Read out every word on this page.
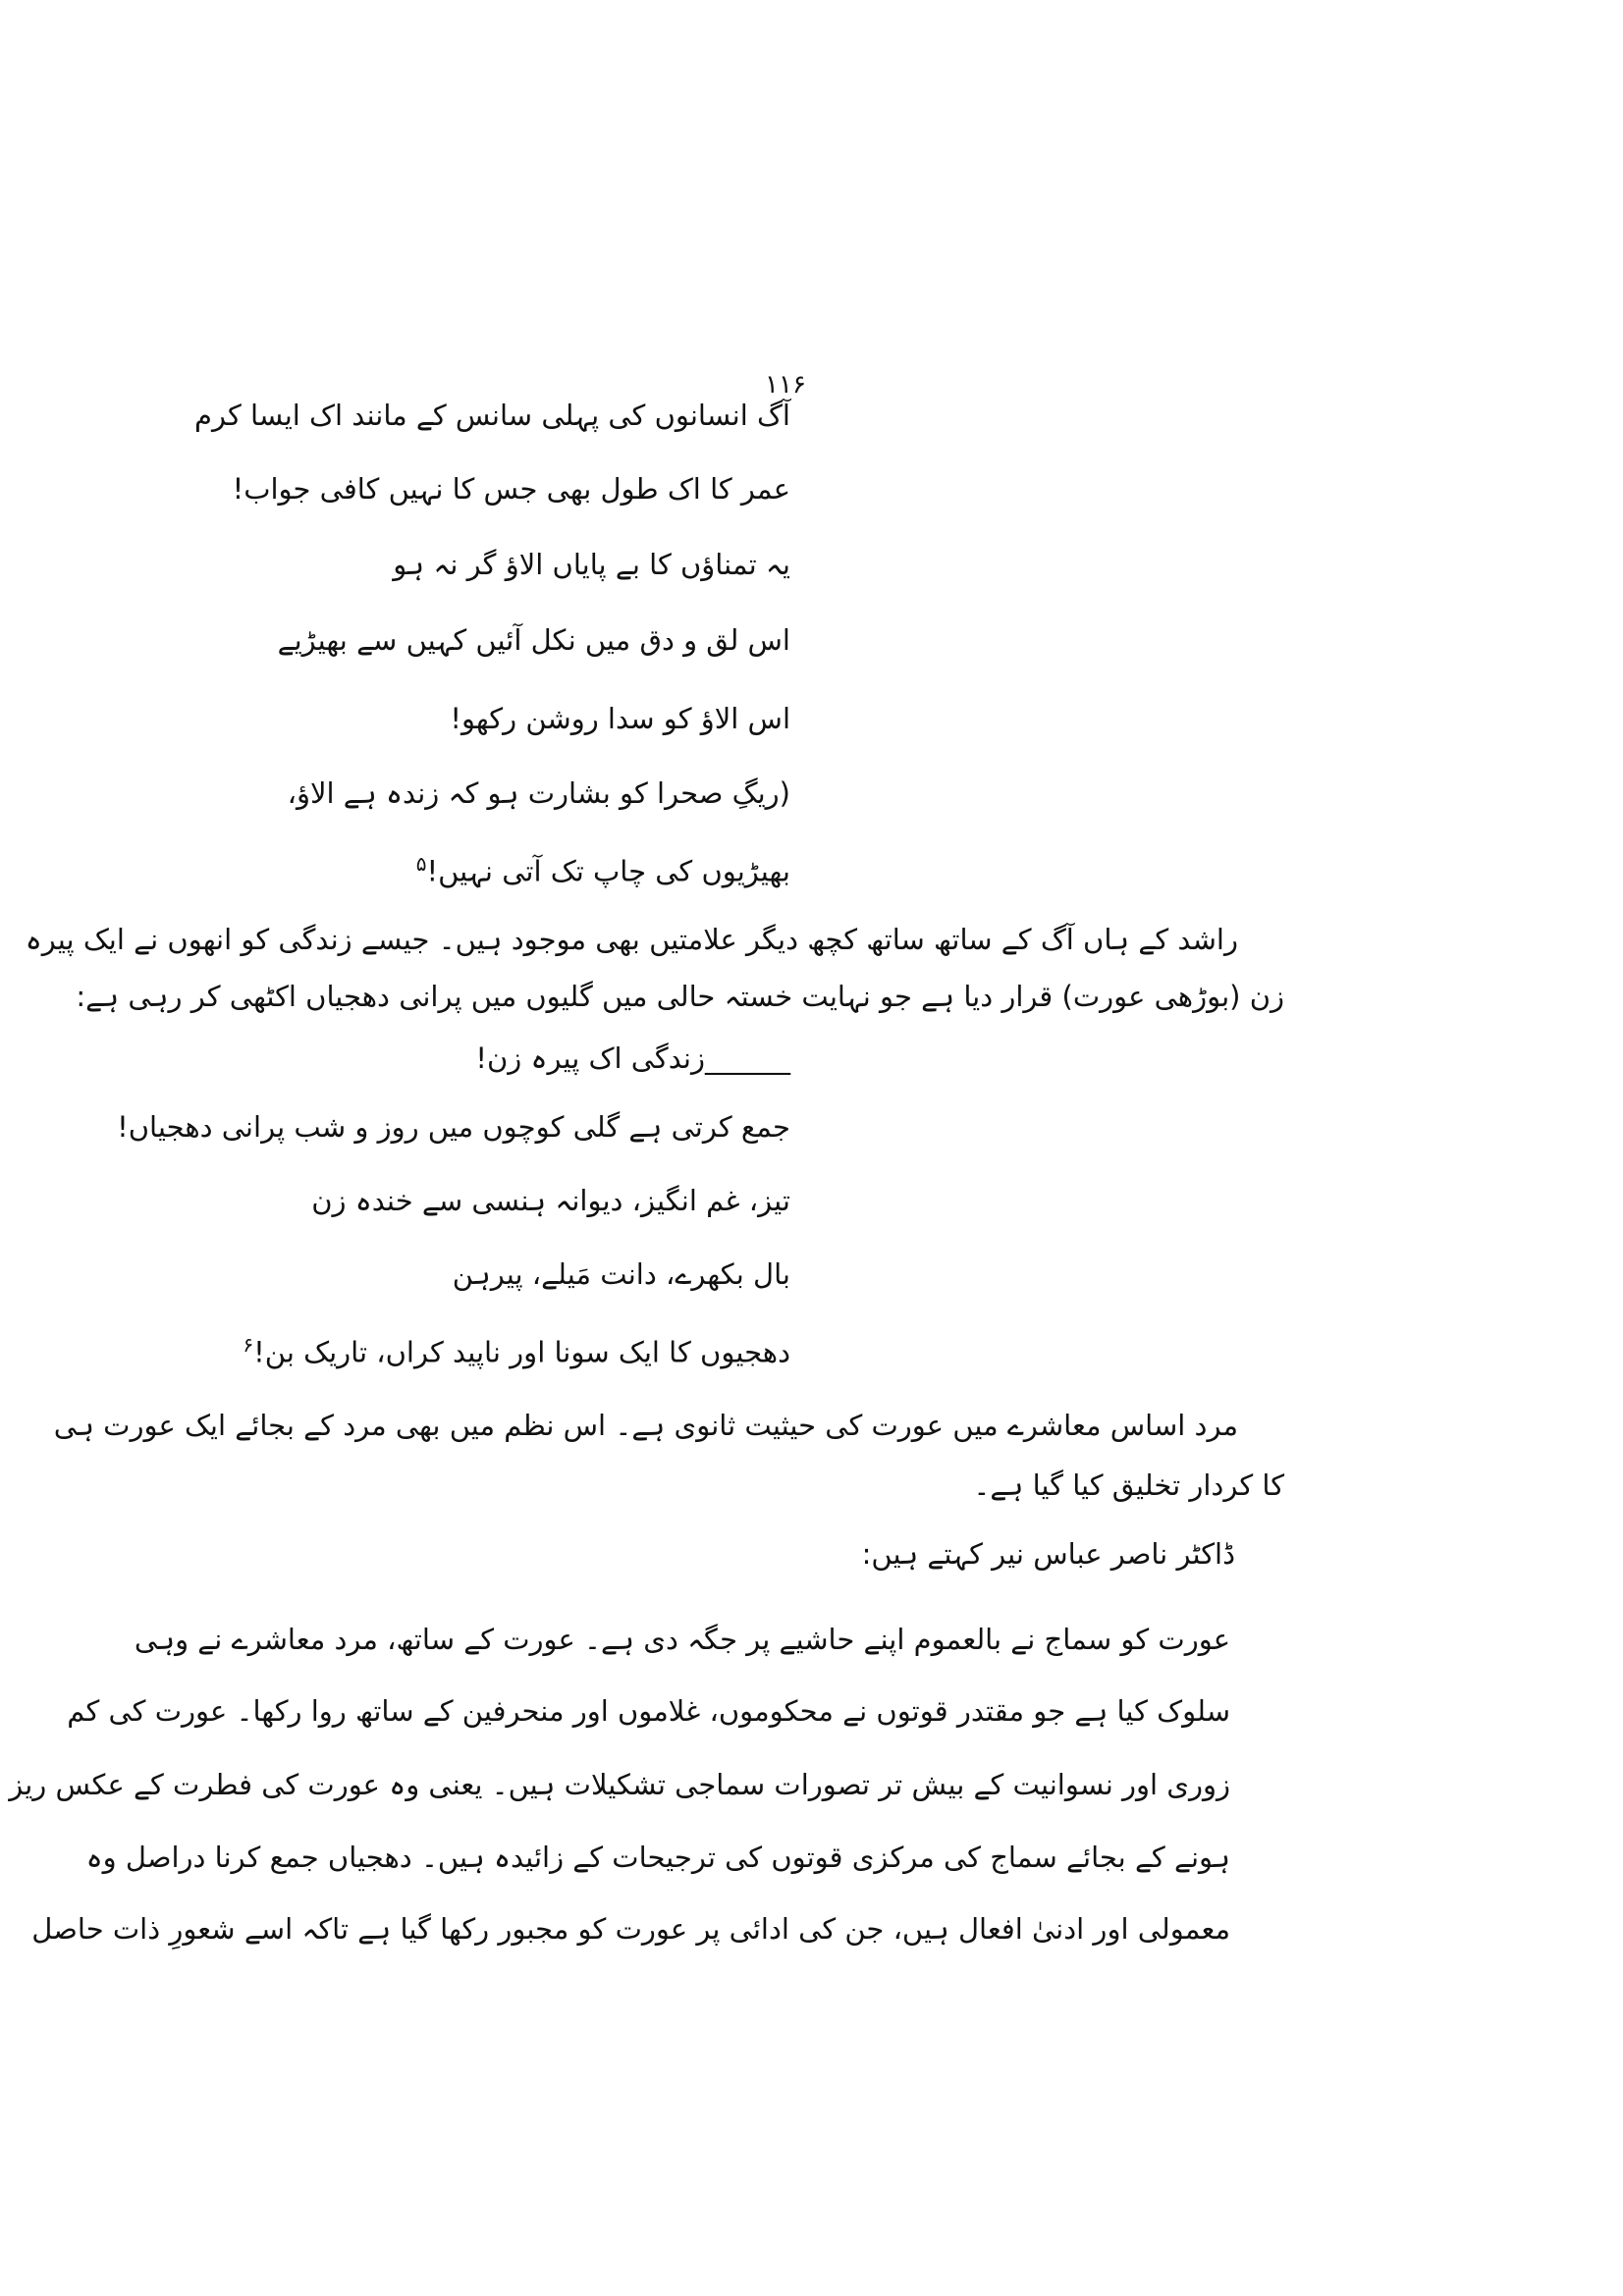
۱۱۶
آگ انسانوں کی پہلی سانس کے مانند اک ایسا کرم
عمر کا اک طول بھی جس کا نہیں کافی جواب!
یہ تمناؤں کا بے پایاں الاؤ گر نہ ہو
اس لق و دق میں نکل آئیں کہیں سے بھیڑیے
اس الاؤ کو سدا روشن رکھو!
(ریگِ صحرا کو بشارت ہو کہ زندہ ہے الاؤ،
بھیڑیوں کی چاپ تک آتی نہیں!$^۵$
راشد کے ہاں آگ کے ساتھ ساتھ کچھ دیگر علامتیں بھی موجود ہیں۔ جیسے زندگی کو انھوں نے ایک پیرہ
زن (بوڑھی عورت) قرار دیا ہے جو نہایت خستہ حالی میں گلیوں میں پرانی دھجیاں اکٹھی کر رہی ہے:
______زندگی اک پیرہ زن!
جمع کرتی ہے گلی کوچوں میں روز و شب پرانی دھجیاں!
تیز، غم انگیز، دیوانہ ہنسی سے خندہ زن
بال بکھرے، دانت مَیلے، پیرہن
دھجیوں کا ایک سونا اور ناپید کراں، تاریک بن!$^۶$
مرد اساس معاشرے میں عورت کی حیثیت ثانوی ہے۔ اس نظم میں بھی مرد کے بجائے ایک عورت ہی
کا کردار تخلیق کیا گیا ہے۔
ڈاکٹر ناصر عباس نیر کہتے ہیں:
عورت کو سماج نے بالعموم اپنے حاشیے پر جگہ دی ہے۔ عورت کے ساتھ، مرد معاشرے نے وہی
سلوک کیا ہے جو مقتدر قوتوں نے محکوموں، غلاموں اور منحرفین کے ساتھ روا رکھا۔ عورت کی کم
زوری اور نسوانیت کے بیش تر تصورات سماجی تشکیلات ہیں۔ یعنی وہ عورت کی فطرت کے عکس ریز
ہونے کے بجائے سماج کی مرکزی قوتوں کی ترجیحات کے زائیدہ ہیں۔ دھجیاں جمع کرنا دراصل وہ
معمولی اور ادنیٰ افعال ہیں، جن کی ادائی پر عورت کو مجبور رکھا گیا ہے تاکہ اسے شعورِ ذات حاصل
